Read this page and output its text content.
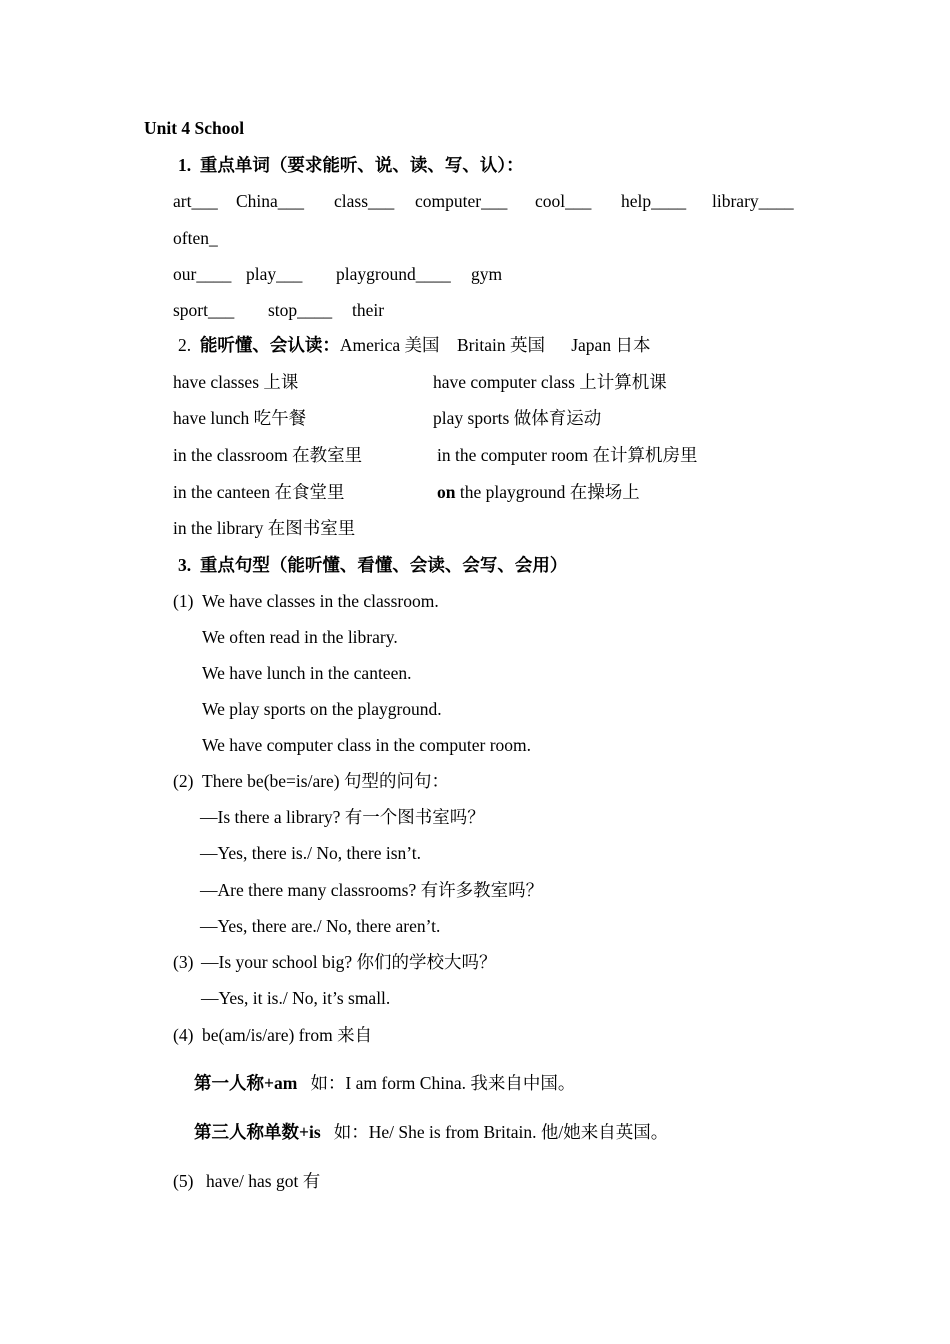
Unit 4 School
1. 重点单词（要求能听、说、读、写、认）：
art___ China___ class___ computer___ cool___ help____ library____
often_
our____ play___ playground____ gym
sport___ stop____ their
2. 能听懂、会认读：America 美国 Britain 英国 Japan 日本
have classes 上课
have lunch 吃午餐
in the classroom 在教室里
in the canteen 在食堂里
in the library 在图书室里
have computer class 上计算机课
play sports 做体育运动
in the computer room 在计算机房里
on the playground 在操场上
3. 重点句型（能听懂、看懂、会读、会写、会用）
(1) We have classes in the classroom.
We often read in the library.
We have lunch in the canteen.
We play sports on the playground.
We have computer class in the computer room.
(2) There be(be=is/are) 句型的问句：
—Is there a library? 有一个图书室吗？
—Yes, there is./ No, there isn’t.
—Are there many classrooms? 有许多教室吗？
—Yes, there are./ No, there aren’t.
(3) —Is your school big? 你们的学校大吗？
—Yes, it is./ No, it’s small.
(4) be(am/is/are) from 来自
第一人称+am 如：I am form China. 我来自中国。
第三人称单数+is 如：He/ She is from Britain. 他/她来自英国。
(5) have/ has got 有
